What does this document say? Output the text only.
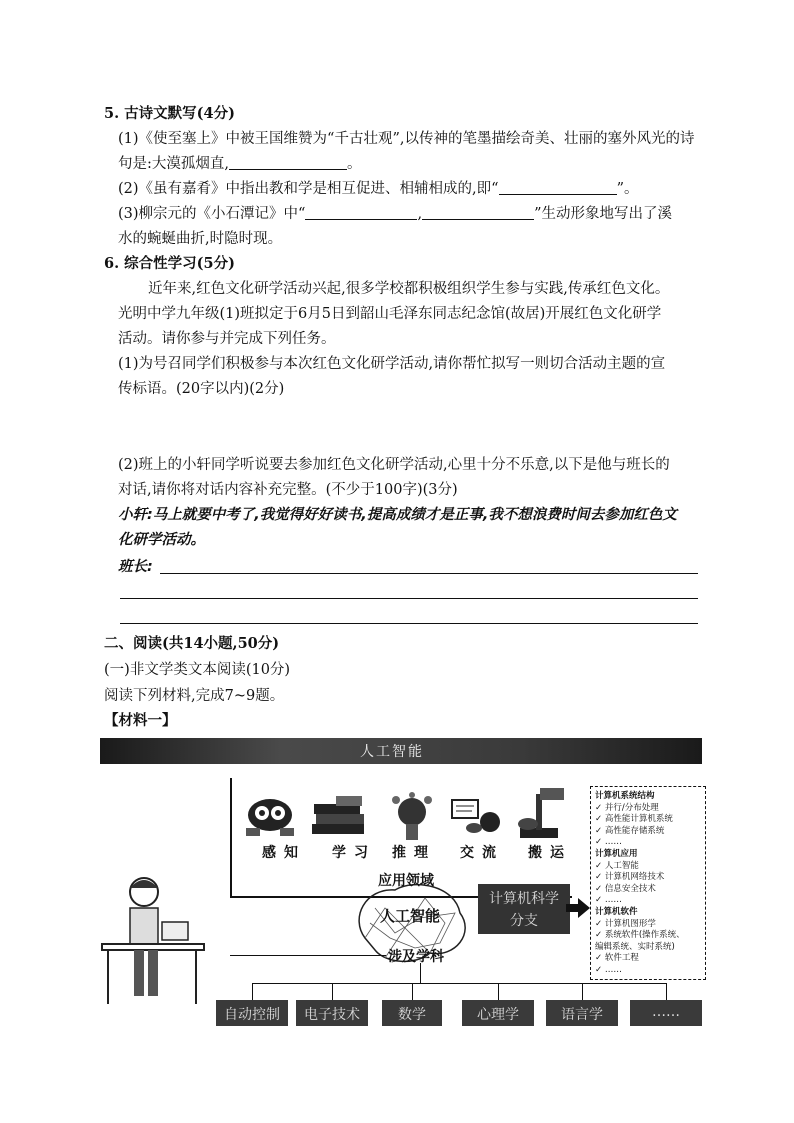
5. 古诗文默写(4分)
(1)《使至塞上》中被王国维赞为“千古壮观”,以传神的笔墨描绘奇美、壮丽的塞外风光的诗
句是:大漠孤烟直,	。
(2)《虽有嘉肴》中指出教和学是相互促进、相辅相成的,即“	”。
(3)柳宗元的《小石潭记》中“	,	”生动形象地写出了溪
水的蜿蜒曲折,时隐时现。
6. 综合性学习(5分)
近年来,红色文化研学活动兴起,很多学校都积极组织学生参与实践,传承红色文化。
光明中学九年级(1)班拟定于6月5日到韶山毛泽东同志纪念馆(故居)开展红色文化研学
活动。请你参与并完成下列任务。
(1)为号召同学们积极参与本次红色文化研学活动,请你帮忙拟写一则切合活动主题的宣
传标语。(20字以内)(2分)
(2)班上的小轩同学听说要去参加红色文化研学活动,心里十分不乐意,以下是他与班长的
对话,请你将对话内容补充完整。(不少于100字)(3分)
小轩:马上就要中考了,我觉得好好读书,提高成绩才是正事,我不想浪费时间去参加红色文
化研学活动。
班长:
二、阅读(共14小题,50分)
(一)非文学类文本阅读(10分)
阅读下列材料,完成7~9题。
【材料一】
人工智能
感知 学习 推理 交流 搬运
应用领域
人工智能
涉及学科
计算机科学
分支
计算机系统结构
✓ 并行/分布处理
✓ 高性能计算机系统
✓ 高性能存储系统
✓ ……
计算机应用
✓ 人工智能
✓ 计算机网络技术
✓ 信息安全技术
✓ ……
计算机软件
✓ 计算机图形学
✓ 系统软件(操作系统、
编辑系统、实时系统)
✓ 软件工程
✓ ……
自动控制	电子技术	数学	心理学	语言学	……
